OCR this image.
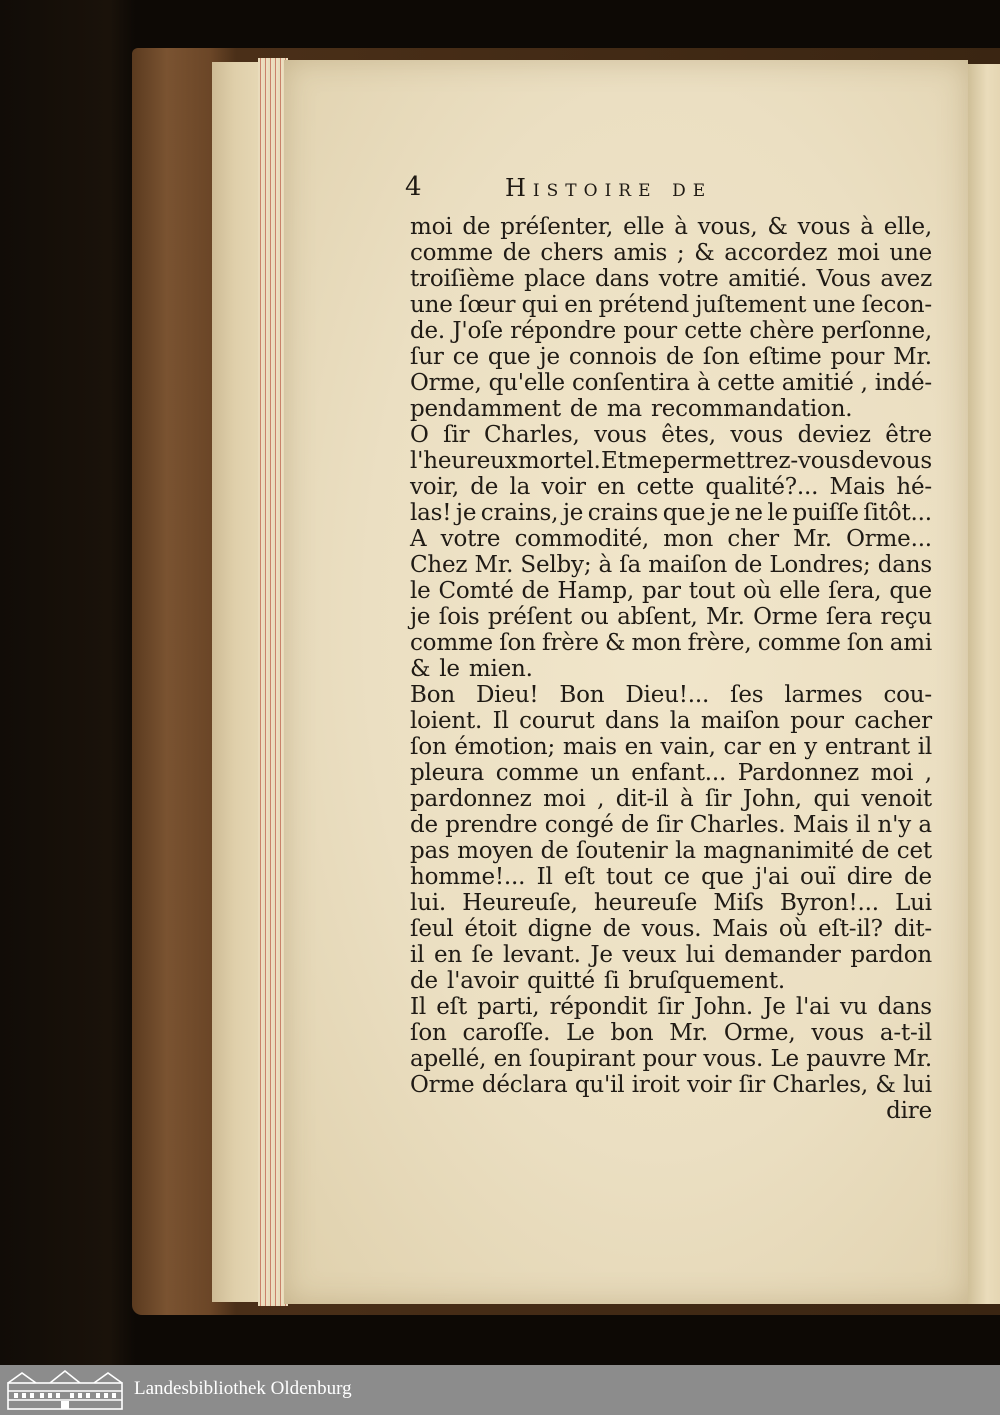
4	Histoire de
moi de préſenter, elle à vous, & vous à elle,
comme de chers amis ; & accordez moi une
troiſième place dans votre amitié. Vous avez
une ſœur qui en prétend juſtement une ſecon-
de. J'oſe répondre pour cette chère perſonne,
ſur ce que je connois de ſon eſtime pour Mr.
Orme, qu'elle conſentira à cette amitié , indé-
pendamment de ma recommandation.
O ſir Charles, vous êtes, vous deviez être
l'heureux mortel. Et me permettrez-vous de vous
voir, de la voir en cette qualité?... Mais hé-
las! je crains, je crains que je ne le puiſſe ſitôt...
A votre commodité, mon cher Mr. Orme...
Chez Mr. Selby; à ſa maiſon de Londres; dans
le Comté de Hamp, par tout où elle ſera, que
je ſois préſent ou abſent, Mr. Orme ſera reçu
comme ſon frère & mon frère, comme ſon ami
& le mien.
Bon Dieu! Bon Dieu!... ſes larmes cou-
loient. Il courut dans la maiſon pour cacher
ſon émotion; mais en vain, car en y entrant il
pleura comme un enfant... Pardonnez moi ,
pardonnez moi , dit-il à ſir John, qui venoit
de prendre congé de ſir Charles. Mais il n'y a
pas moyen de ſoutenir la magnanimité de cet
homme!... Il eſt tout ce que j'ai ouï dire de
lui. Heureuſe, heureuſe Miſs Byron!... Lui
ſeul étoit digne de vous. Mais où eſt-il? dit-
il en ſe levant. Je veux lui demander pardon
de l'avoir quitté ſi bruſquement.
Il eſt parti, répondit ſir John. Je l'ai vu dans
ſon caroſſe. Le bon Mr. Orme, vous a-t-il
apellé, en ſoupirant pour vous. Le pauvre Mr.
Orme déclara qu'il iroit voir ſir Charles, & lui
dire
Landesbibliothek Oldenburg
